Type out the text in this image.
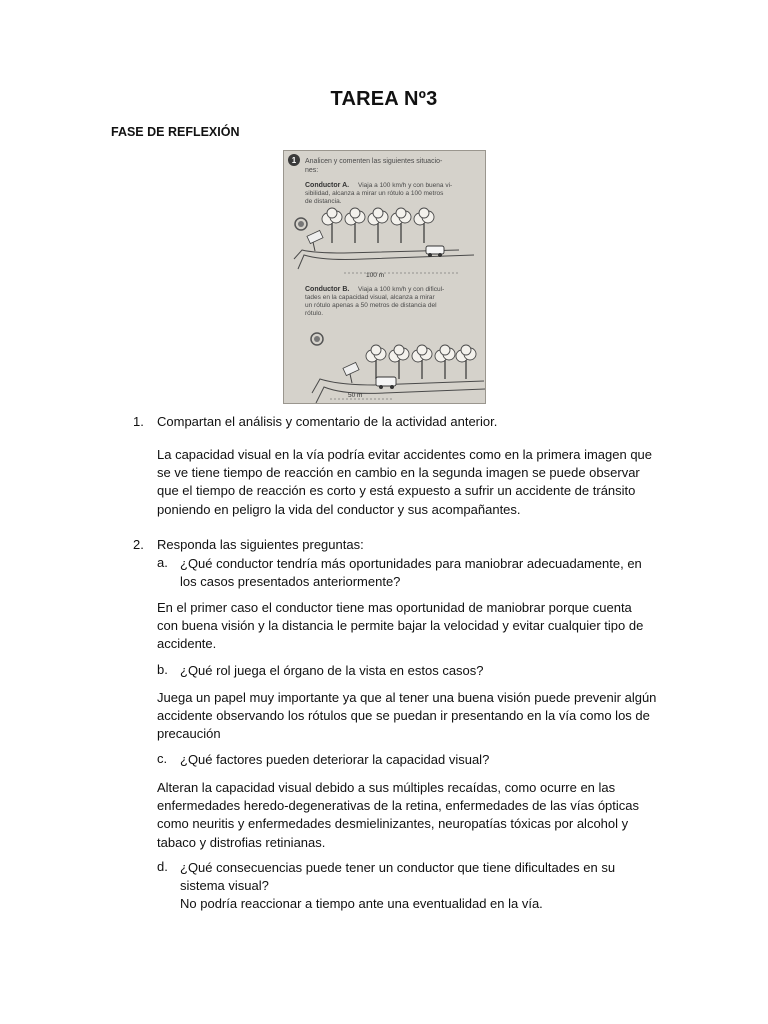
TAREA Nº3
FASE DE REFLEXIÓN
1 Analicen y comenten las siguientes situacio-
nes:
Conductor A. Viaja a 100 km/h y con buena vi-
sibilidad, alcanza a mirar un rótulo a 100 metros
de distancia.
100 m
Conductor B. Viaja a 100 km/h y con dificul-
tades en la capacidad visual, alcanza a mirar
un rótulo apenas a 50 metros de distancia del
rótulo.
50 m
1. Compartan el análisis y comentario de la actividad anterior.
La capacidad visual en la vía podría evitar accidentes como en la primera imagen que
se ve tiene tiempo de reacción en cambio en la segunda imagen se puede observar
que el tiempo de reacción es corto y está expuesto a sufrir un accidente de tránsito
poniendo en peligro la vida del conductor y sus acompañantes.
2. Responda las siguientes preguntas:
a. ¿Qué conductor tendría más oportunidades para maniobrar adecuadamente, en
los casos presentados anteriormente?
En el primer caso el conductor tiene mas oportunidad de maniobrar porque cuenta
con buena visión y la distancia le permite bajar la velocidad y evitar cualquier tipo de
accidente.
b. ¿Qué rol juega el órgano de la vista en estos casos?
Juega un papel muy importante ya que al tener una buena visión puede prevenir algún
accidente observando los rótulos que se puedan ir presentando en la vía como los de
precaución
c. ¿Qué factores pueden deteriorar la capacidad visual?
Alteran la capacidad visual debido a sus múltiples recaídas, como ocurre en las
enfermedades heredo-degenerativas de la retina, enfermedades de las vías ópticas
como neuritis y enfermedades desmielinizantes, neuropatías tóxicas por alcohol y
tabaco y distrofias retinianas.
d. ¿Qué consecuencias puede tener un conductor que tiene dificultades en su
sistema visual?
No podría reaccionar a tiempo ante una eventualidad en la vía.
